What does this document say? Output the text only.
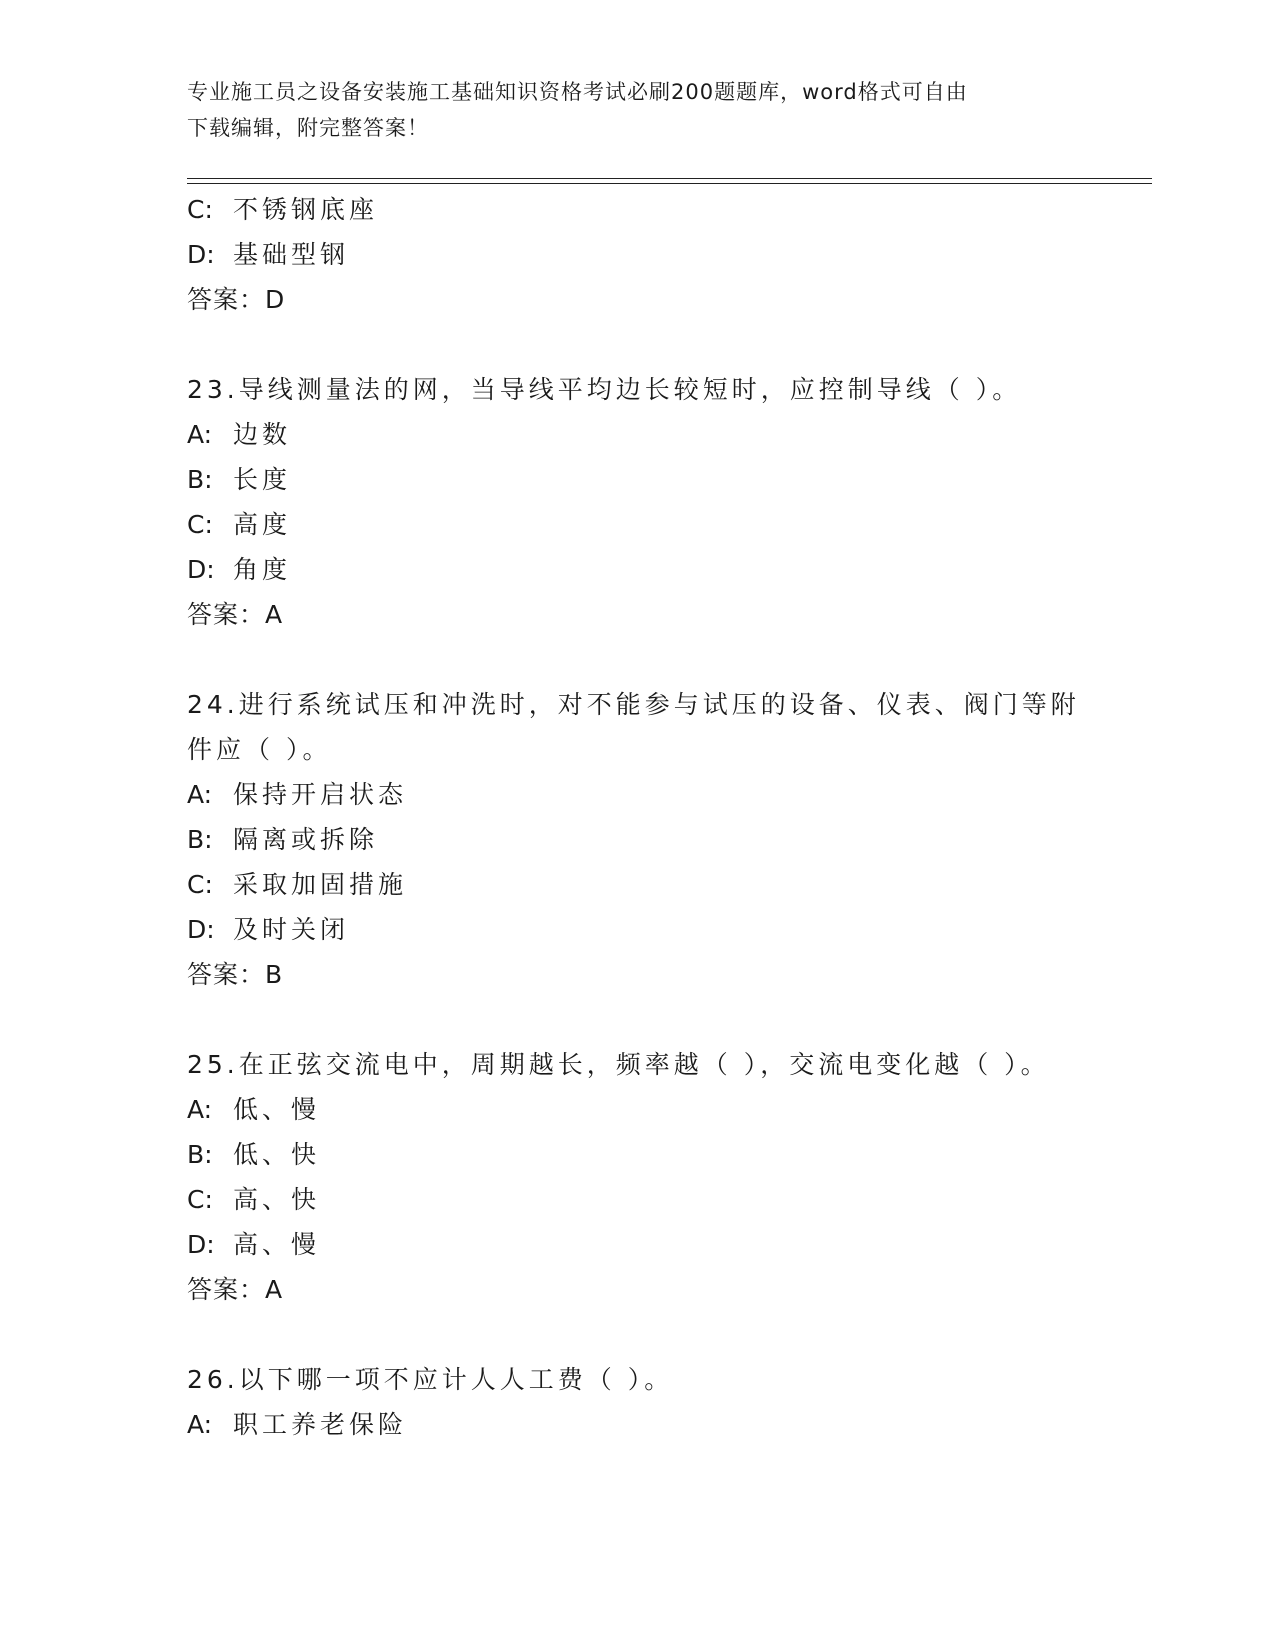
专业施工员之设备安装施工基础知识资格考试必刷200题题库，word格式可自由
下载编辑，附完整答案！
C: 不锈钢底座
D: 基础型钢
答案：D
23.导线测量法的网，当导线平均边长较短时，应控制导线（ ）。
A: 边数
B: 长度
C: 高度
D: 角度
答案：A
24.进行系统试压和冲洗时，对不能参与试压的设备、仪表、阀门等附
件应（ ）。
A: 保持开启状态
B: 隔离或拆除
C: 采取加固措施
D: 及时关闭
答案：B
25.在正弦交流电中，周期越长，频率越（ ），交流电变化越（ ）。
A: 低、慢
B: 低、快
C: 高、快
D: 高、慢
答案：A
26.以下哪一项不应计人人工费（ ）。
A: 职工养老保险
